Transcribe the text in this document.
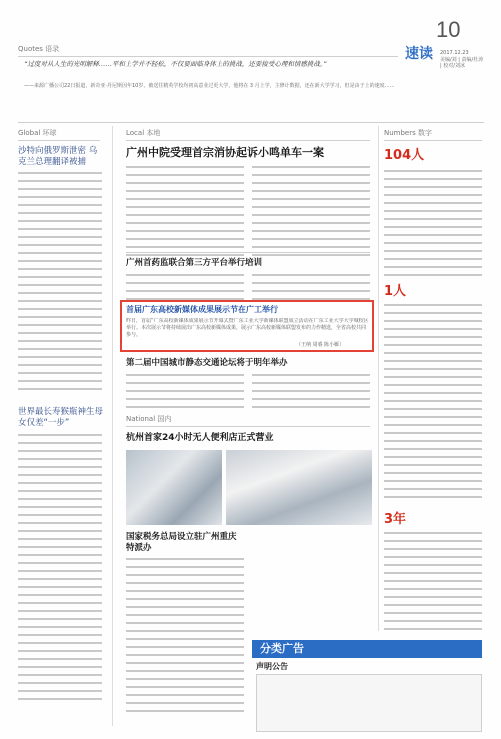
10
速读 2017.12.23
美编/刘 | 责编/杜涛 | 校对/刘冰
Quotes 语录
“过度对从人生的光明解释……平和上学并不轻松，不仅要面临身体上的挑战，还要接受心理和情感挑战。”
——来源广播公司22日报道，新奇亚·丹尼斯因年10岁，被送往精英学校均初高意业过更大学，他将在 3 月上学，主修计数据，还在新大学学习，但是由于上的速度……
Global 环球
沙特向俄罗斯泄密 乌克兰总理翻译被捕
世界最长寿猴瓶神生母女仅差“一步”
Local 本地
广州中院受理首宗消协起诉小鸣单车一案
广州首药监联合第三方平台举行培训
首届广东高校新媒体成果展示节在广工举行
昨日，首届“广东高校新媒体成果展示节开幕式暨广东工业大学新媒体联盟成立活动在广东工业大学大学城校区举行。本次展示节将持续展出广东高校新媒体成果，展示广东高校新媒体联盟发布的力作精选，全省高校共同参与。
（王纳 周睿 陈小雁）
第二届中国城市静态交通论坛将于明年举办
National 国内
杭州首家24小时无人便利店正式营业
国家税务总局设立驻广州重庆特派办
分类广告
声明公告
Numbers 数字
104人
1人
3年
